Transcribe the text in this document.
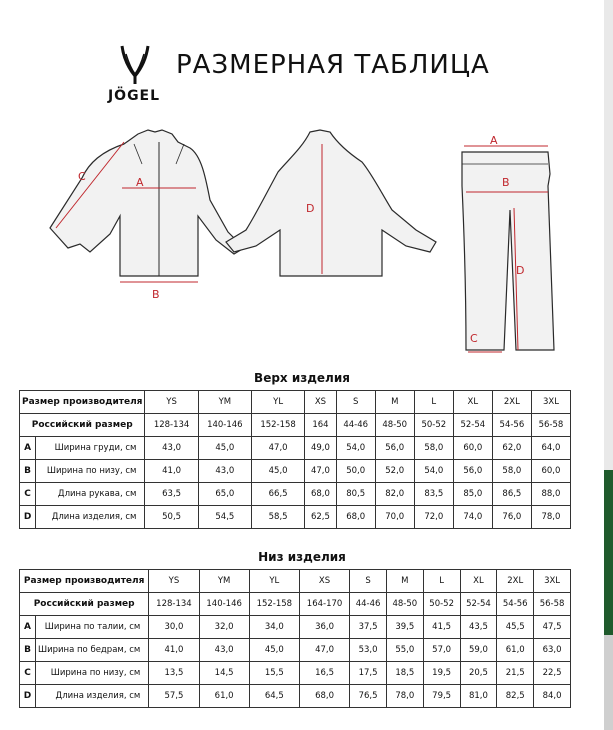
JÖGEL
РАЗМЕРНАЯ ТАБЛИЦА
A
B
C
D
A
B
C
D
Верх изделия
Размер производителя		YS	YM	YL	XS	S	M	L	XL	2XL	3XL
Российский размер		128-134	140-146	152-158	164	44-46	48-50	50-52	52-54	54-56	56-58
A	Ширина груди, см	43,0	45,0	47,0	49,0	54,0	56,0	58,0	60,0	62,0	64,0
B	Ширина по низу, см	41,0	43,0	45,0	47,0	50,0	52,0	54,0	56,0	58,0	60,0
C	Длина рукава, см	63,5	65,0	66,5	68,0	80,5	82,0	83,5	85,0	86,5	88,0
D	Длина изделия, см	50,5	54,5	58,5	62,5	68,0	70,0	72,0	74,0	76,0	78,0
Низ изделия
Размер производителя		YS	YM	YL	XS	S	M	L	XL	2XL	3XL
Российский размер		128-134	140-146	152-158	164-170	44-46	48-50	50-52	52-54	54-56	56-58
A	Ширина по талии, см	30,0	32,0	34,0	36,0	37,5	39,5	41,5	43,5	45,5	47,5
B	Ширина по бедрам, см	41,0	43,0	45,0	47,0	53,0	55,0	57,0	59,0	61,0	63,0
C	Ширина по низу, см	13,5	14,5	15,5	16,5	17,5	18,5	19,5	20,5	21,5	22,5
D	Длина изделия, см	57,5	61,0	64,5	68,0	76,5	78,0	79,5	81,0	82,5	84,0
